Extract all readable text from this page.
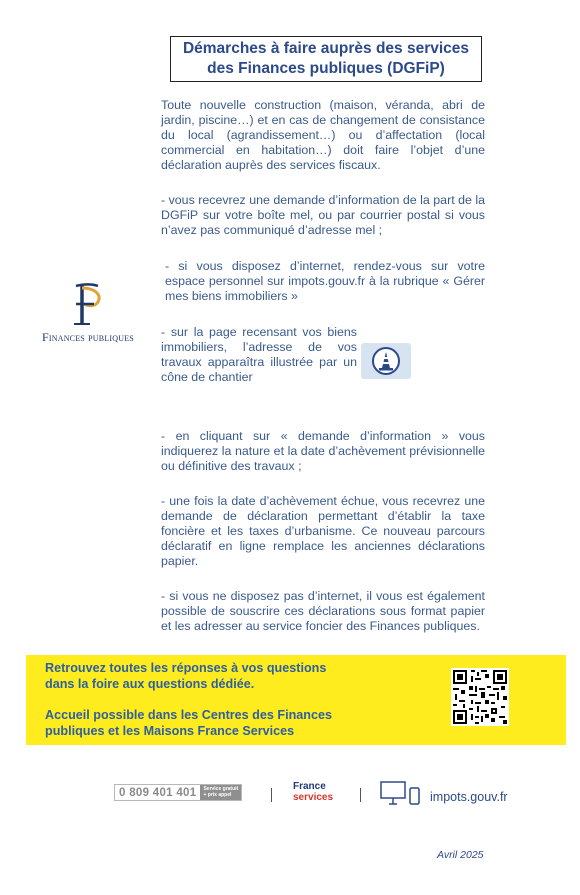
Démarches à faire auprès des services
des Finances publiques (DGFiP)
Finances publiques

Toute nouvelle construction (maison, véranda, abri de jardin, piscine…) et en cas de changement de consistance du local (agrandissement…) ou d’affectation (local commercial en habitation…) doit faire l’objet d’une déclaration auprès des services fiscaux.

- vous recevrez une demande d’information de la part de la DGFiP sur votre boîte mel, ou par courrier postal si vous n’avez pas communiqué d’adresse mel ;

- si vous disposez d’internet, rendez-vous sur votre espace personnel sur impots.gouv.fr à la rubrique « Gérer mes biens immobiliers »

- sur la page recensant vos biens immobiliers, l’adresse de vos travaux apparaîtra illustrée par un cône de chantier

- en cliquant sur « demande d’information » vous indiquerez la nature et la date d’achèvement prévisionnelle ou définitive des travaux ;

- une fois la date d’achèvement échue, vous recevrez une demande de déclaration permettant d’établir la taxe foncière et les taxes d’urbanisme. Ce nouveau parcours déclaratif en ligne remplace les anciennes déclarations papier.

- si vous ne disposez pas d’internet, il vous est également possible de souscrire ces déclarations sous format papier et les adresser au service foncier des Finances publiques.

Retrouvez toutes les réponses à vos questions
dans la foire aux questions dédiée.
Accueil possible dans les Centres des Finances
publiques et les Maisons France Services
0 809 401 401	Service gratuit
+ prix appel
France
services	impots.gouv.fr
Avril 2025
